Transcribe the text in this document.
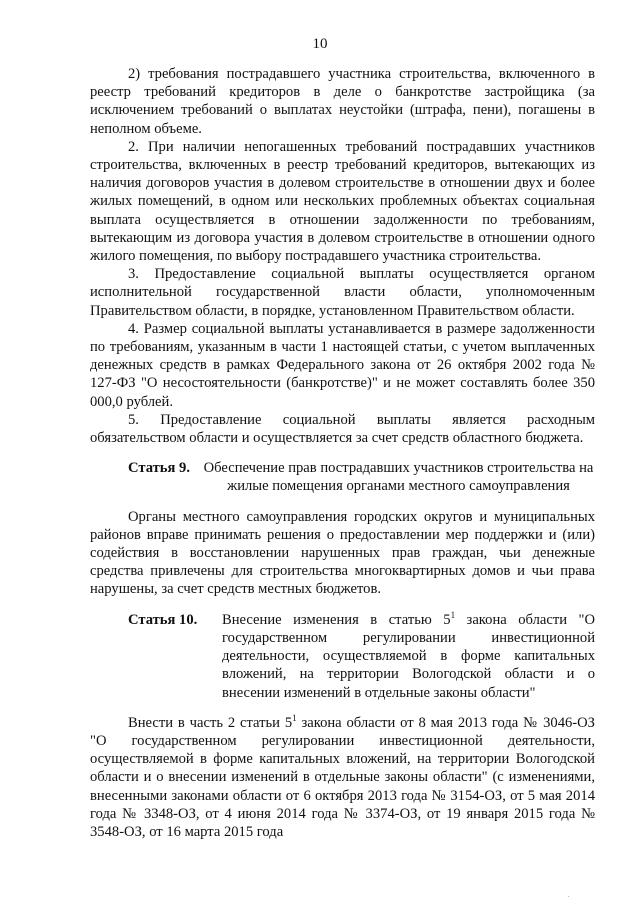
10

2) требования пострадавшего участника строительства, включенного в реестр требований кредиторов в деле о банкротстве застройщика (за исключением требований о выплатах неустойки (штрафа, пени), погашены в неполном объеме.

2. При наличии непогашенных требований пострадавших участников строительства, включенных в реестр требований кредиторов, вытекающих из наличия договоров участия в долевом строительстве в отношении двух и более жилых помещений, в одном или нескольких проблемных объектах социальная выплата осуществляется в отношении задолженности по требованиям, вытекающим из договора участия в долевом строительстве в отношении одного жилого помещения, по выбору пострадавшего участника строительства.

3. Предоставление социальной выплаты осуществляется органом исполнительной государственной власти области, уполномоченным Правительством области, в порядке, установленном Правительством области.

4. Размер социальной выплаты устанавливается в размере задолженности по требованиям, указанным в части 1 настоящей статьи, с учетом выплаченных денежных средств в рамках Федерального закона от 26 октября 2002 года № 127-ФЗ "О несостоятельности (банкротстве)" и не может составлять более 350 000,0 рублей.

5. Предоставление социальной выплаты является расходным обязательством области и осуществляется за счет средств областного бюджета.

Статья 9. Обеспечение прав пострадавших участников строительства на жилые помещения органами местного самоуправления

Органы местного самоуправления городских округов и муниципальных районов вправе принимать решения о предоставлении мер поддержки и (или) содействия в восстановлении нарушенных прав граждан, чьи денежные средства привлечены для строительства многоквартирных домов и чьи права нарушены, за счет средств местных бюджетов.

Статья 10.	Внесение изменения в статью $5^1$ закона области "О государственном регулировании инвестиционной деятельности, осуществляемой в форме капитальных вложений, на территории Вологодской области и о внесении изменений в отдельные законы области"

Внести в часть 2 статьи $5^1$ закона области от 8 мая 2013 года № 3046-ОЗ "О государственном регулировании инвестиционной деятельности, осуществляемой в форме капитальных вложений, на территории Вологодской области и о внесении изменений в отдельные законы области" (с изменениями, внесенными законами области от 6 октября 2013 года № 3154-ОЗ, от 5 мая 2014 года № 3348-ОЗ, от 4 июня 2014 года № 3374-ОЗ, от 19 января 2015 года № 3548-ОЗ, от 16 марта 2015 года

.
